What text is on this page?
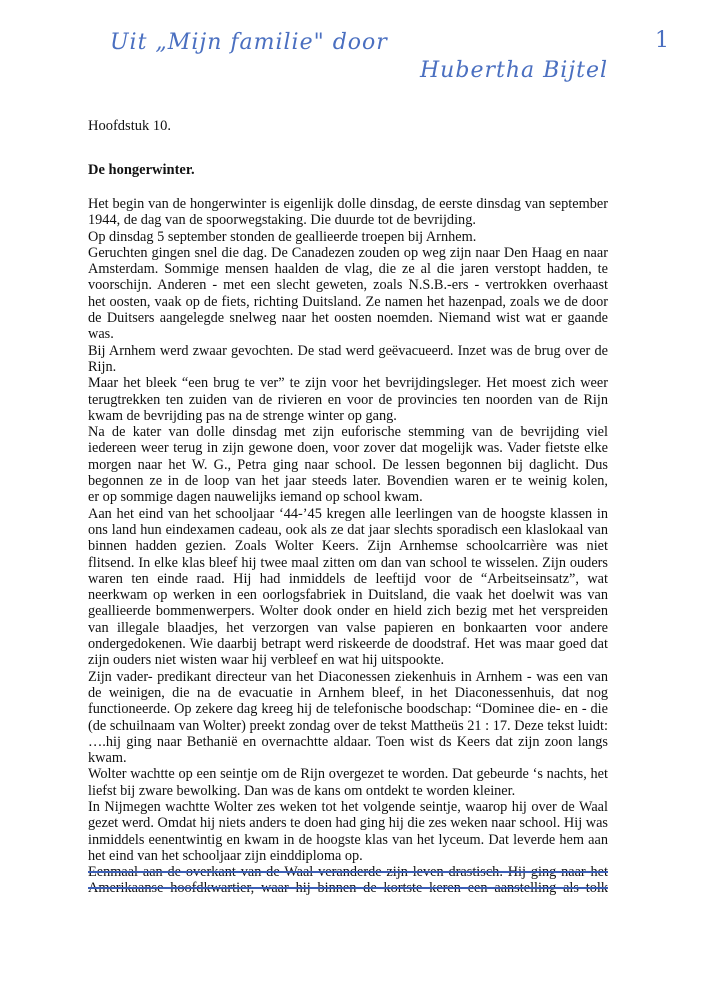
Uit „Mijn familie" door
Hubertha Bijtel
1
Hoofdstuk 10.
De hongerwinter.
Het begin van de hongerwinter is eigenlijk dolle dinsdag, de eerste dinsdag van september
1944, de dag van de spoorwegstaking. Die duurde tot de bevrijding.
Op dinsdag 5 september stonden de geallieerde troepen bij Arnhem.
Geruchten gingen snel die dag. De Canadezen zouden op weg zijn naar Den Haag en naar
Amsterdam. Sommige mensen haalden de vlag, die ze al die jaren verstopt hadden, te
voorschijn. Anderen - met een slecht geweten, zoals N.S.B.-ers - vertrokken overhaast
het oosten, vaak op de fiets, richting Duitsland. Ze namen het hazenpad, zoals we de door
de Duitsers aangelegde snelweg naar het oosten noemden. Niemand wist wat er gaande
was.
Bij Arnhem werd zwaar gevochten. De stad werd geëvacueerd. Inzet was de brug over de
Rijn.
Maar het bleek “een brug te ver” te zijn voor het bevrijdingsleger. Het moest zich weer
terugtrekken ten zuiden van de rivieren en voor de provincies ten noorden van de Rijn
kwam de bevrijding pas na de strenge winter op gang.
Na de kater van dolle dinsdag met zijn euforische stemming van de bevrijding viel
iedereen weer terug in zijn gewone doen, voor zover dat mogelijk was. Vader fietste elke
morgen naar het W. G., Petra ging naar school. De lessen begonnen bij daglicht. Dus
begonnen ze in de loop van het jaar steeds later. Bovendien waren er te weinig kolen,
er op sommige dagen nauwelijks iemand op school kwam.
Aan het eind van het schooljaar ‘44-’45 kregen alle leerlingen van de hoogste klassen in
ons land hun eindexamen cadeau, ook als ze dat jaar slechts sporadisch een klaslokaal van
binnen hadden gezien. Zoals Wolter Keers. Zijn Arnhemse schoolcarrière was niet
flitsend. In elke klas bleef hij twee maal zitten om dan van school te wisselen. Zijn ouders
waren ten einde raad. Hij had inmiddels de leeftijd voor de “Arbeitseinsatz”, wat
neerkwam op werken in een oorlogsfabriek in Duitsland, die vaak het doelwit was van
geallieerde bommenwerpers. Wolter dook onder en hield zich bezig met het verspreiden
van illegale blaadjes, het verzorgen van valse papieren en bonkaarten voor andere
ondergedokenen. Wie daarbij betrapt werd riskeerde de doodstraf. Het was maar goed dat
zijn ouders niet wisten waar hij verbleef en wat hij uitspookte.
Zijn vader- predikant directeur van het Diaconessen ziekenhuis in Arnhem - was een van
de weinigen, die na de evacuatie in Arnhem bleef, in het Diaconessenhuis, dat nog
functioneerde. Op zekere dag kreeg hij de telefonische boodschap: “Dominee die- en - die
(de schuilnaam van Wolter) preekt zondag over de tekst Mattheüs 21 : 17. Deze tekst luidt:
….hij ging naar Bethanië en overnachtte aldaar. Toen wist ds Keers dat zijn zoon langs
kwam.
Wolter wachtte op een seintje om de Rijn overgezet te worden. Dat gebeurde ‘s nachts, het
liefst bij zware bewolking. Dan was de kans om ontdekt te worden kleiner.
In Nijmegen wachtte Wolter zes weken tot het volgende seintje, waarop hij over de Waal
gezet werd. Omdat hij niets anders te doen had ging hij die zes weken naar school. Hij was
inmiddels eenentwintig en kwam in de hoogste klas van het lyceum. Dat leverde hem aan
het eind van het schooljaar zijn einddiploma op.
Eenmaal aan de overkant van de Waal veranderde zijn leven drastisch. Hij ging naar het
Amerikaanse hoofdkwartier, waar hij binnen de kortste keren een aanstelling als tolk
